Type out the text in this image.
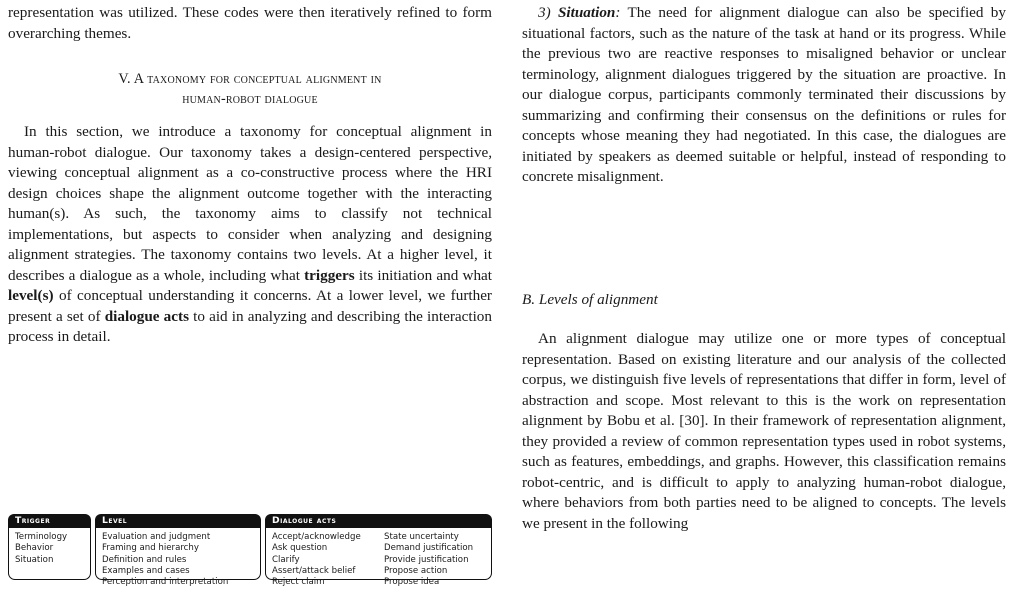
representation was utilized. These codes were then iteratively refined to form overarching themes.

V. A taxonomy for conceptual alignment in
human-robot dialogue

In this section, we introduce a taxonomy for conceptual alignment in human-robot dialogue. Our taxonomy takes a design-centered perspective, viewing conceptual alignment as a co-constructive process where the HRI design choices shape the alignment outcome together with the interacting human(s). As such, the taxonomy aims to classify not technical implementations, but aspects to consider when analyzing and designing alignment strategies. The taxonomy contains two levels. At a higher level, it describes a dialogue as a whole, including what triggers its initiation and what level(s) of conceptual understanding it concerns. At a lower level, we further present a set of dialogue acts to aid in analyzing and describing the interaction process in detail.

Trigger
Terminology
Behavior
Situation
Level
Evaluation and judgment
Framing and hierarchy
Definition and rules
Examples and cases
Perception and interpretation
Dialogue acts
Accept/acknowledge
Ask question
Clarify
Assert/attack belief
Reject claim
State uncertainty
Demand justification
Provide justification
Propose action
Propose idea

3) Situation: The need for alignment dialogue can also be specified by situational factors, such as the nature of the task at hand or its progress. While the previous two are reactive responses to misaligned behavior or unclear terminology, alignment dialogues triggered by the situation are proactive. In our dialogue corpus, participants commonly terminated their discussions by summarizing and confirming their consensus on the definitions or rules for concepts whose meaning they had negotiated. In this case, the dialogues are initiated by speakers as deemed suitable or helpful, instead of responding to concrete misalignment.

B. Levels of alignment

An alignment dialogue may utilize one or more types of conceptual representation. Based on existing literature and our analysis of the collected corpus, we distinguish five levels of representations that differ in form, level of abstraction and scope. Most relevant to this is the work on representation alignment by Bobu et al. [30]. In their framework of representation alignment, they provided a review of common representation types used in robot systems, such as features, embeddings, and graphs. However, this classification remains robot-centric, and is difficult to apply to analyzing human-robot dialogue, where behaviors from both parties need to be aligned to concepts. The levels we present in the following
